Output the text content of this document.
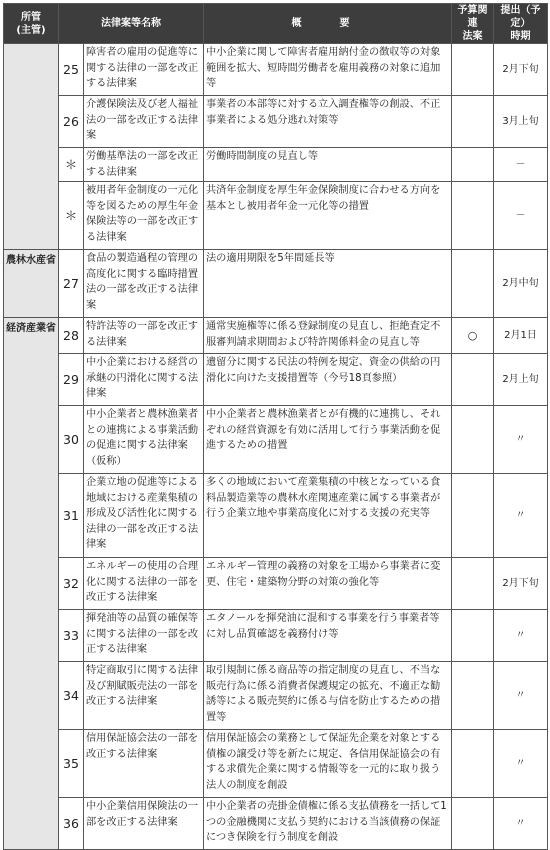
所管
(主管)	法律案等名称		概　要	予算関連
法案	提出（予定）
時期
	25	障害者の雇用の促進等に関する法律の一部を改正する法律案	中小企業に関して障害者雇用納付金の徴収等の対象範囲を拡大、短時間労働者を雇用義務の対象に追加等		2月下旬
	26	介護保険法及び老人福祉法の一部を改正する法律案	事業者の本部等に対する立入調査権等の創設、不正事業者による処分逃れ対策等		3月上旬
	＊	労働基準法の一部を改正する法律案	労働時間制度の見直し等		－
	＊	被用者年金制度の一元化等を図るための厚生年金保険法等の一部を改正する法律案	共済年金制度を厚生年金保険制度に合わせる方向を基本とし被用者年金一元化等の措置		－
農林水産省	27	食品の製造過程の管理の高度化に関する臨時措置法の一部を改正する法律案	法の適用期限を5年間延長等		2月中旬
経済産業省	28	特許法等の一部を改正する法律案	通常実施権等に係る登録制度の見直し、拒絶査定不服審判請求期間および特許関係料金の見直し等	○	2月1日
	29	中小企業における経営の承継の円滑化に関する法律案	遺留分に関する民法の特例を規定、資金の供給の円滑化に向けた支援措置等（今号18頁参照）		2月上旬
	30	中小企業者と農林漁業者との連携による事業活動の促進に関する法律案（仮称）	中小企業者と農林漁業者とが有機的に連携し、それぞれの経営資源を有効に活用して行う事業活動を促進するための措置		〃
	31	企業立地の促進等による地域における産業集積の形成及び活性化に関する法律の一部を改正する法律案	多くの地域において産業集積の中核となっている食料品製造業等の農林水産関連産業に属する事業者が行う企業立地や事業高度化に対する支援の充実等		〃
	32	エネルギーの使用の合理化に関する法律の一部を改正する法律案	エネルギー管理の義務の対象を工場から事業者に変更、住宅・建築物分野の対策の強化等		2月下旬
	33	揮発油等の品質の確保等に関する法律の一部を改正する法律案	エタノールを揮発油に混和する事業を行う事業者等に対し品質確認を義務付け等		〃
	34	特定商取引に関する法律及び割賦販売法の一部を改正する法律案	取引規制に係る商品等の指定制度の見直し、不当な販売行為に係る消費者保護規定の拡充、不適正な勧誘等による販売契約に係る与信を防止するための措置等		〃
	35	信用保証協会法の一部を改正する法律案	信用保証協会の業務として保証先企業を対象とする債権の譲受け等を新たに規定、各信用保証協会の有する求償先企業に関する情報等を一元的に取り扱う法人の制度を創設		〃
	36	中小企業信用保険法の一部を改正する法律案	中小企業者の売掛金債権に係る支払債務を一括して1つの金融機関に支払う契約における当該債務の保証につき保険を行う制度を創設		〃
